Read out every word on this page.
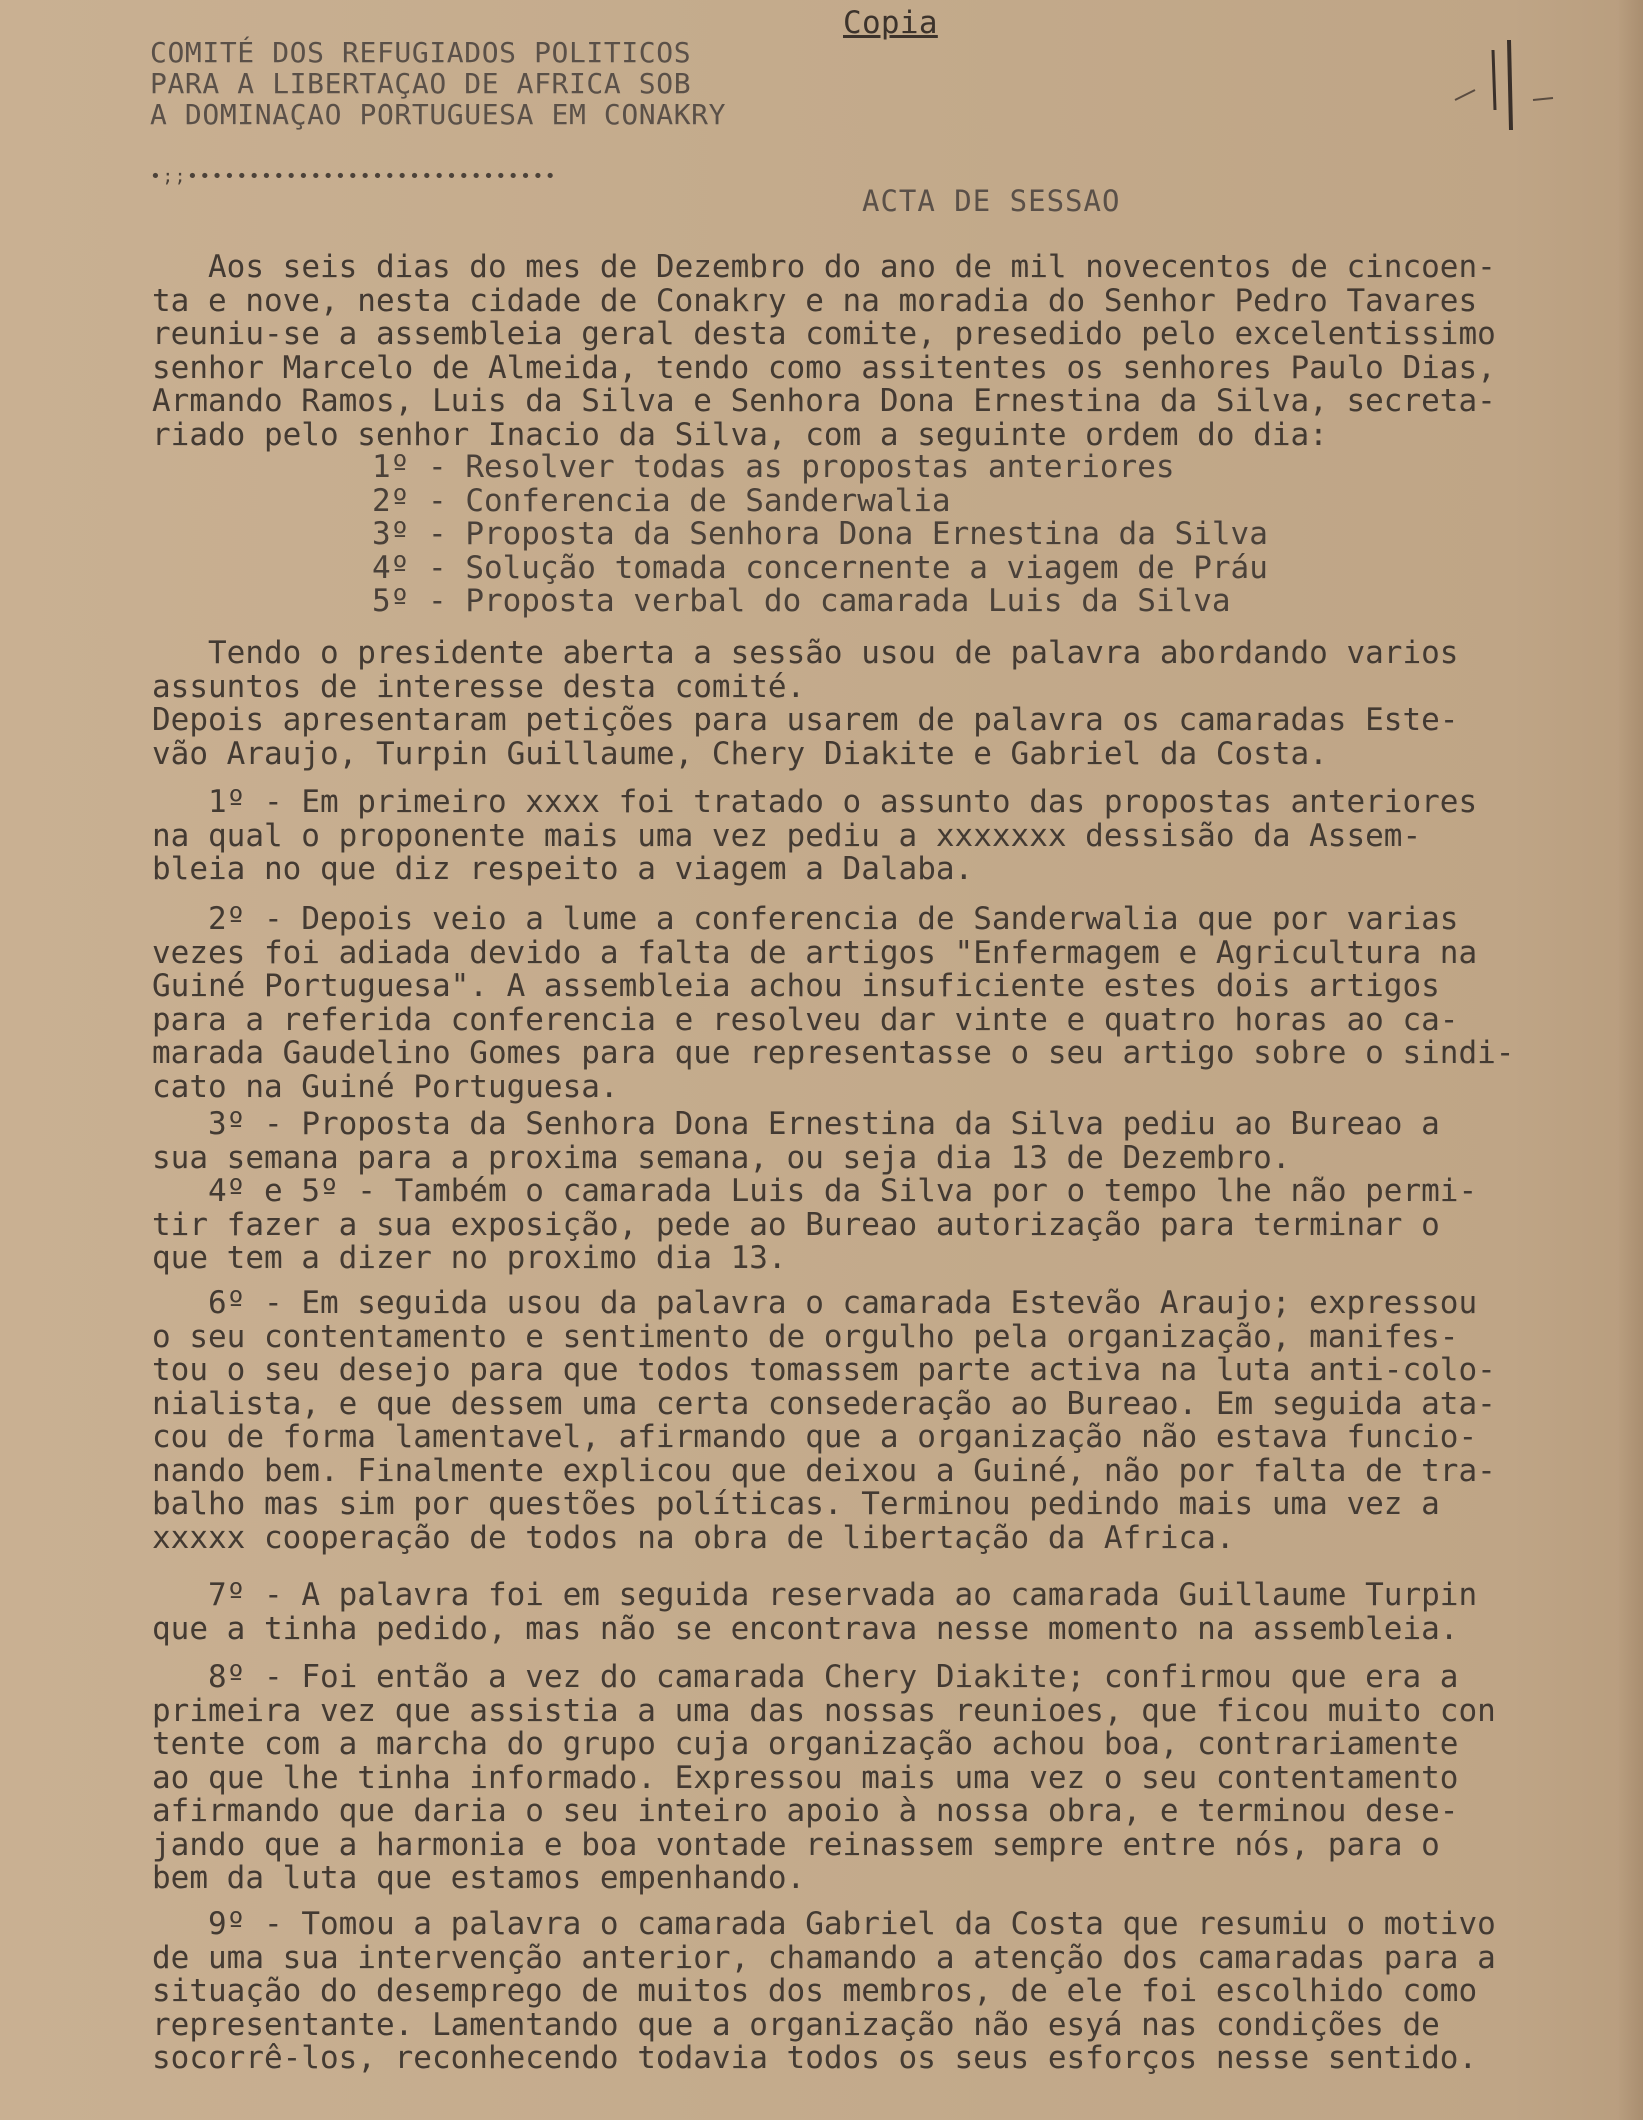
Copia
COMITÉ DOS REFUGIADOS POLITICOS
PARA A LIBERTAÇAO DE AFRICA SOB
A DOMINAÇAO PORTUGUESA EM CONAKRY
•;;••••••••••••••••••••••••••••••
ACTA DE SESSAO
Aos seis dias do mes de Dezembro do ano de mil novecentos de cincoen-
ta e nove, nesta cidade de Conakry e na moradia do Senhor Pedro Tavares
reuniu-se a assembleia geral desta comite, presedido pelo excelentissimo
senhor Marcelo de Almeida, tendo como assitentes os senhores Paulo Dias,
Armando Ramos, Luis da Silva e Senhora Dona Ernestina da Silva, secreta-
riado pelo senhor Inacio da Silva, com a seguinte ordem do dia:
1º - Resolver todas as propostas anteriores
2º - Conferencia de Sanderwalia
3º - Proposta da Senhora Dona Ernestina da Silva
4º - Solução tomada concernente a viagem de Práu
5º - Proposta verbal do camarada Luis da Silva
Tendo o presidente aberta a sessão usou de palavra abordando varios
assuntos de interesse desta comité.
Depois apresentaram petições para usarem de palavra os camaradas Este-
vão Araujo, Turpin Guillaume, Chery Diakite e Gabriel da Costa.
1º - Em primeiro xxxx foi tratado o assunto das propostas anteriores
na qual o proponente mais uma vez pediu a xxxxxxx dessisão da Assem-
bleia no que diz respeito a viagem a Dalaba.
2º - Depois veio a lume a conferencia de Sanderwalia que por varias
vezes foi adiada devido a falta de artigos "Enfermagem e Agricultura na
Guiné Portuguesa". A assembleia achou insuficiente estes dois artigos
para a referida conferencia e resolveu dar vinte e quatro horas ao ca-
marada Gaudelino Gomes para que representasse o seu artigo sobre o sindi-
cato na Guiné Portuguesa.
3º - Proposta da Senhora Dona Ernestina da Silva pediu ao Bureao a
sua semana para a proxima semana, ou seja dia 13 de Dezembro.
4º e 5º - Também o camarada Luis da Silva por o tempo lhe não permi-
tir fazer a sua exposição, pede ao Bureao autorização para terminar o
que tem a dizer no proximo dia 13.
6º - Em seguida usou da palavra o camarada Estevão Araujo; expressou
o seu contentamento e sentimento de orgulho pela organização, manifes-
tou o seu desejo para que todos tomassem parte activa na luta anti-colo-
nialista, e que dessem uma certa consederação ao Bureao. Em seguida ata-
cou de forma lamentavel, afirmando que a organização não estava funcio-
nando bem. Finalmente explicou que deixou a Guiné, não por falta de tra-
balho mas sim por questões políticas. Terminou pedindo mais uma vez a
xxxxx cooperação de todos na obra de libertação da Africa.
7º - A palavra foi em seguida reservada ao camarada Guillaume Turpin
que a tinha pedido, mas não se encontrava nesse momento na assembleia.
8º - Foi então a vez do camarada Chery Diakite; confirmou que era a
primeira vez que assistia a uma das nossas reunioes, que ficou muito con
tente com a marcha do grupo cuja organização achou boa, contrariamente
ao que lhe tinha informado. Expressou mais uma vez o seu contentamento
afirmando que daria o seu inteiro apoio à nossa obra, e terminou dese-
jando que a harmonia e boa vontade reinassem sempre entre nós, para o
bem da luta que estamos empenhando.
9º - Tomou a palavra o camarada Gabriel da Costa que resumiu o motivo
de uma sua intervenção anterior, chamando a atenção dos camaradas para a
situação do desemprego de muitos dos membros, de ele foi escolhido como
representante. Lamentando que a organização não esyá nas condições de
socorrê-los, reconhecendo todavia todos os seus esforços nesse sentido.
